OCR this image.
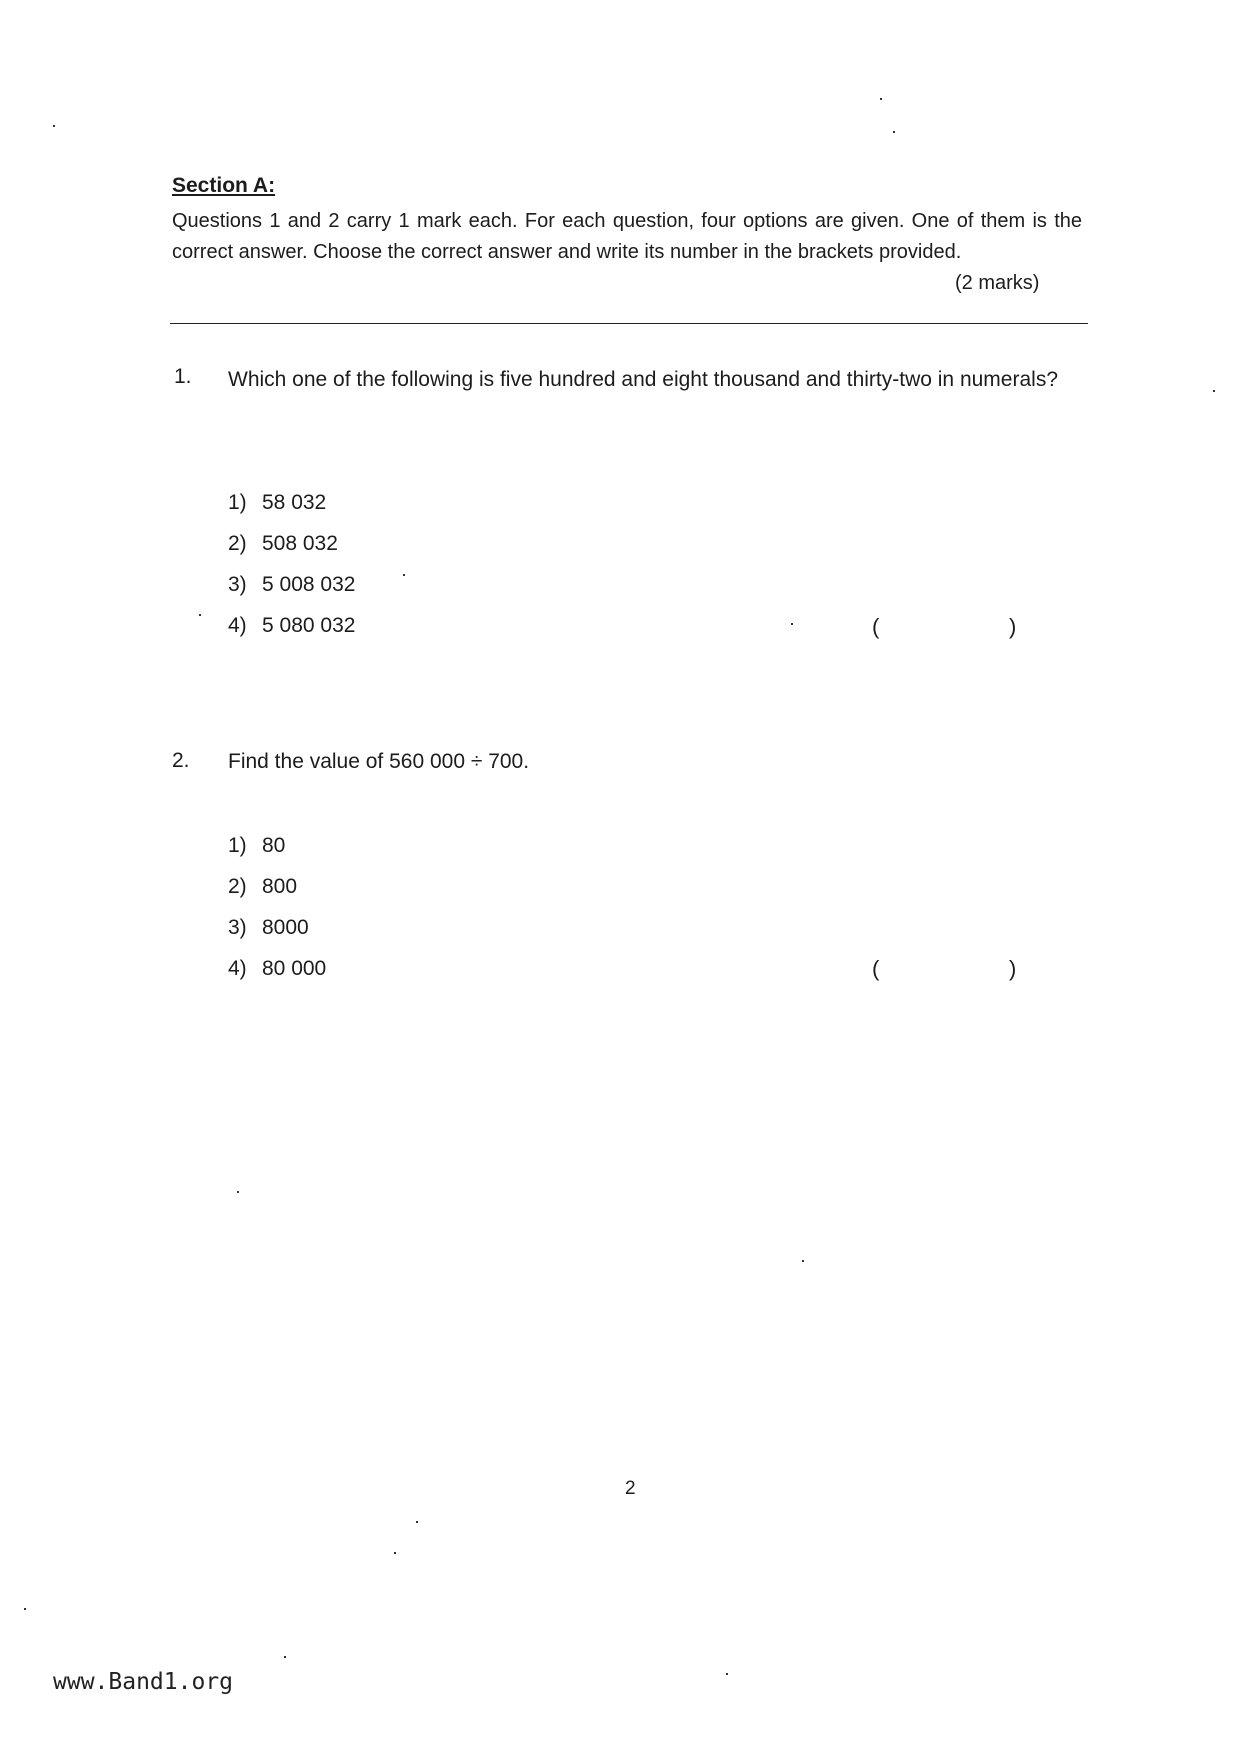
Section A:
Questions 1 and 2 carry 1 mark each. For each question, four options are given. One of them is the correct answer. Choose the correct answer and write its number in the brackets provided.
(2 marks)
1. Which one of the following is five hundred and eight thousand and thirty-two in numerals?
1) 58 032
2) 508 032
3) 5 008 032
4) 5 080 032	(	)
2. Find the value of 560 000 ÷ 700.
1) 80
2) 800
3) 8000
4) 80 000	(	)
2
www.Band1.org
